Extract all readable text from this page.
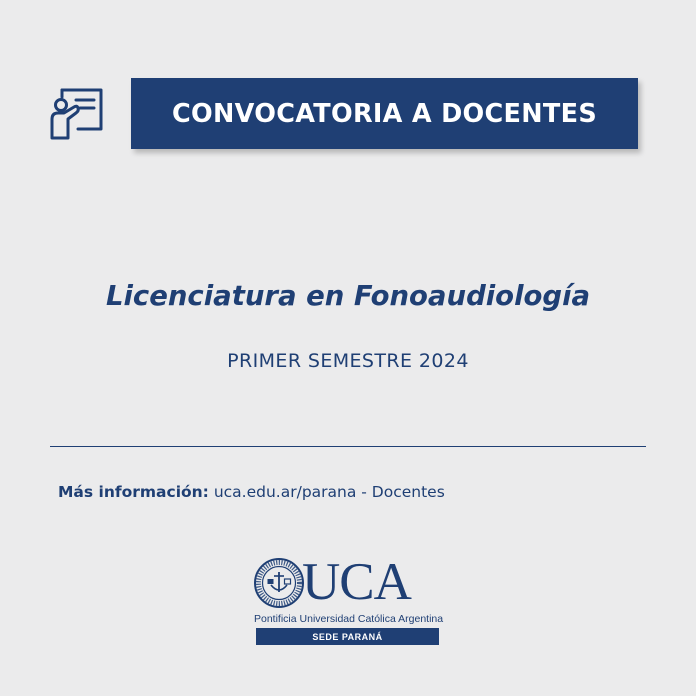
CONVOCATORIA A DOCENTES
Licenciatura en Fonoaudiología
PRIMER SEMESTRE 2024
Más información: uca.edu.ar/parana - Docentes
UCA
Pontificia Universidad Católica Argentina
SEDE PARANÁ
